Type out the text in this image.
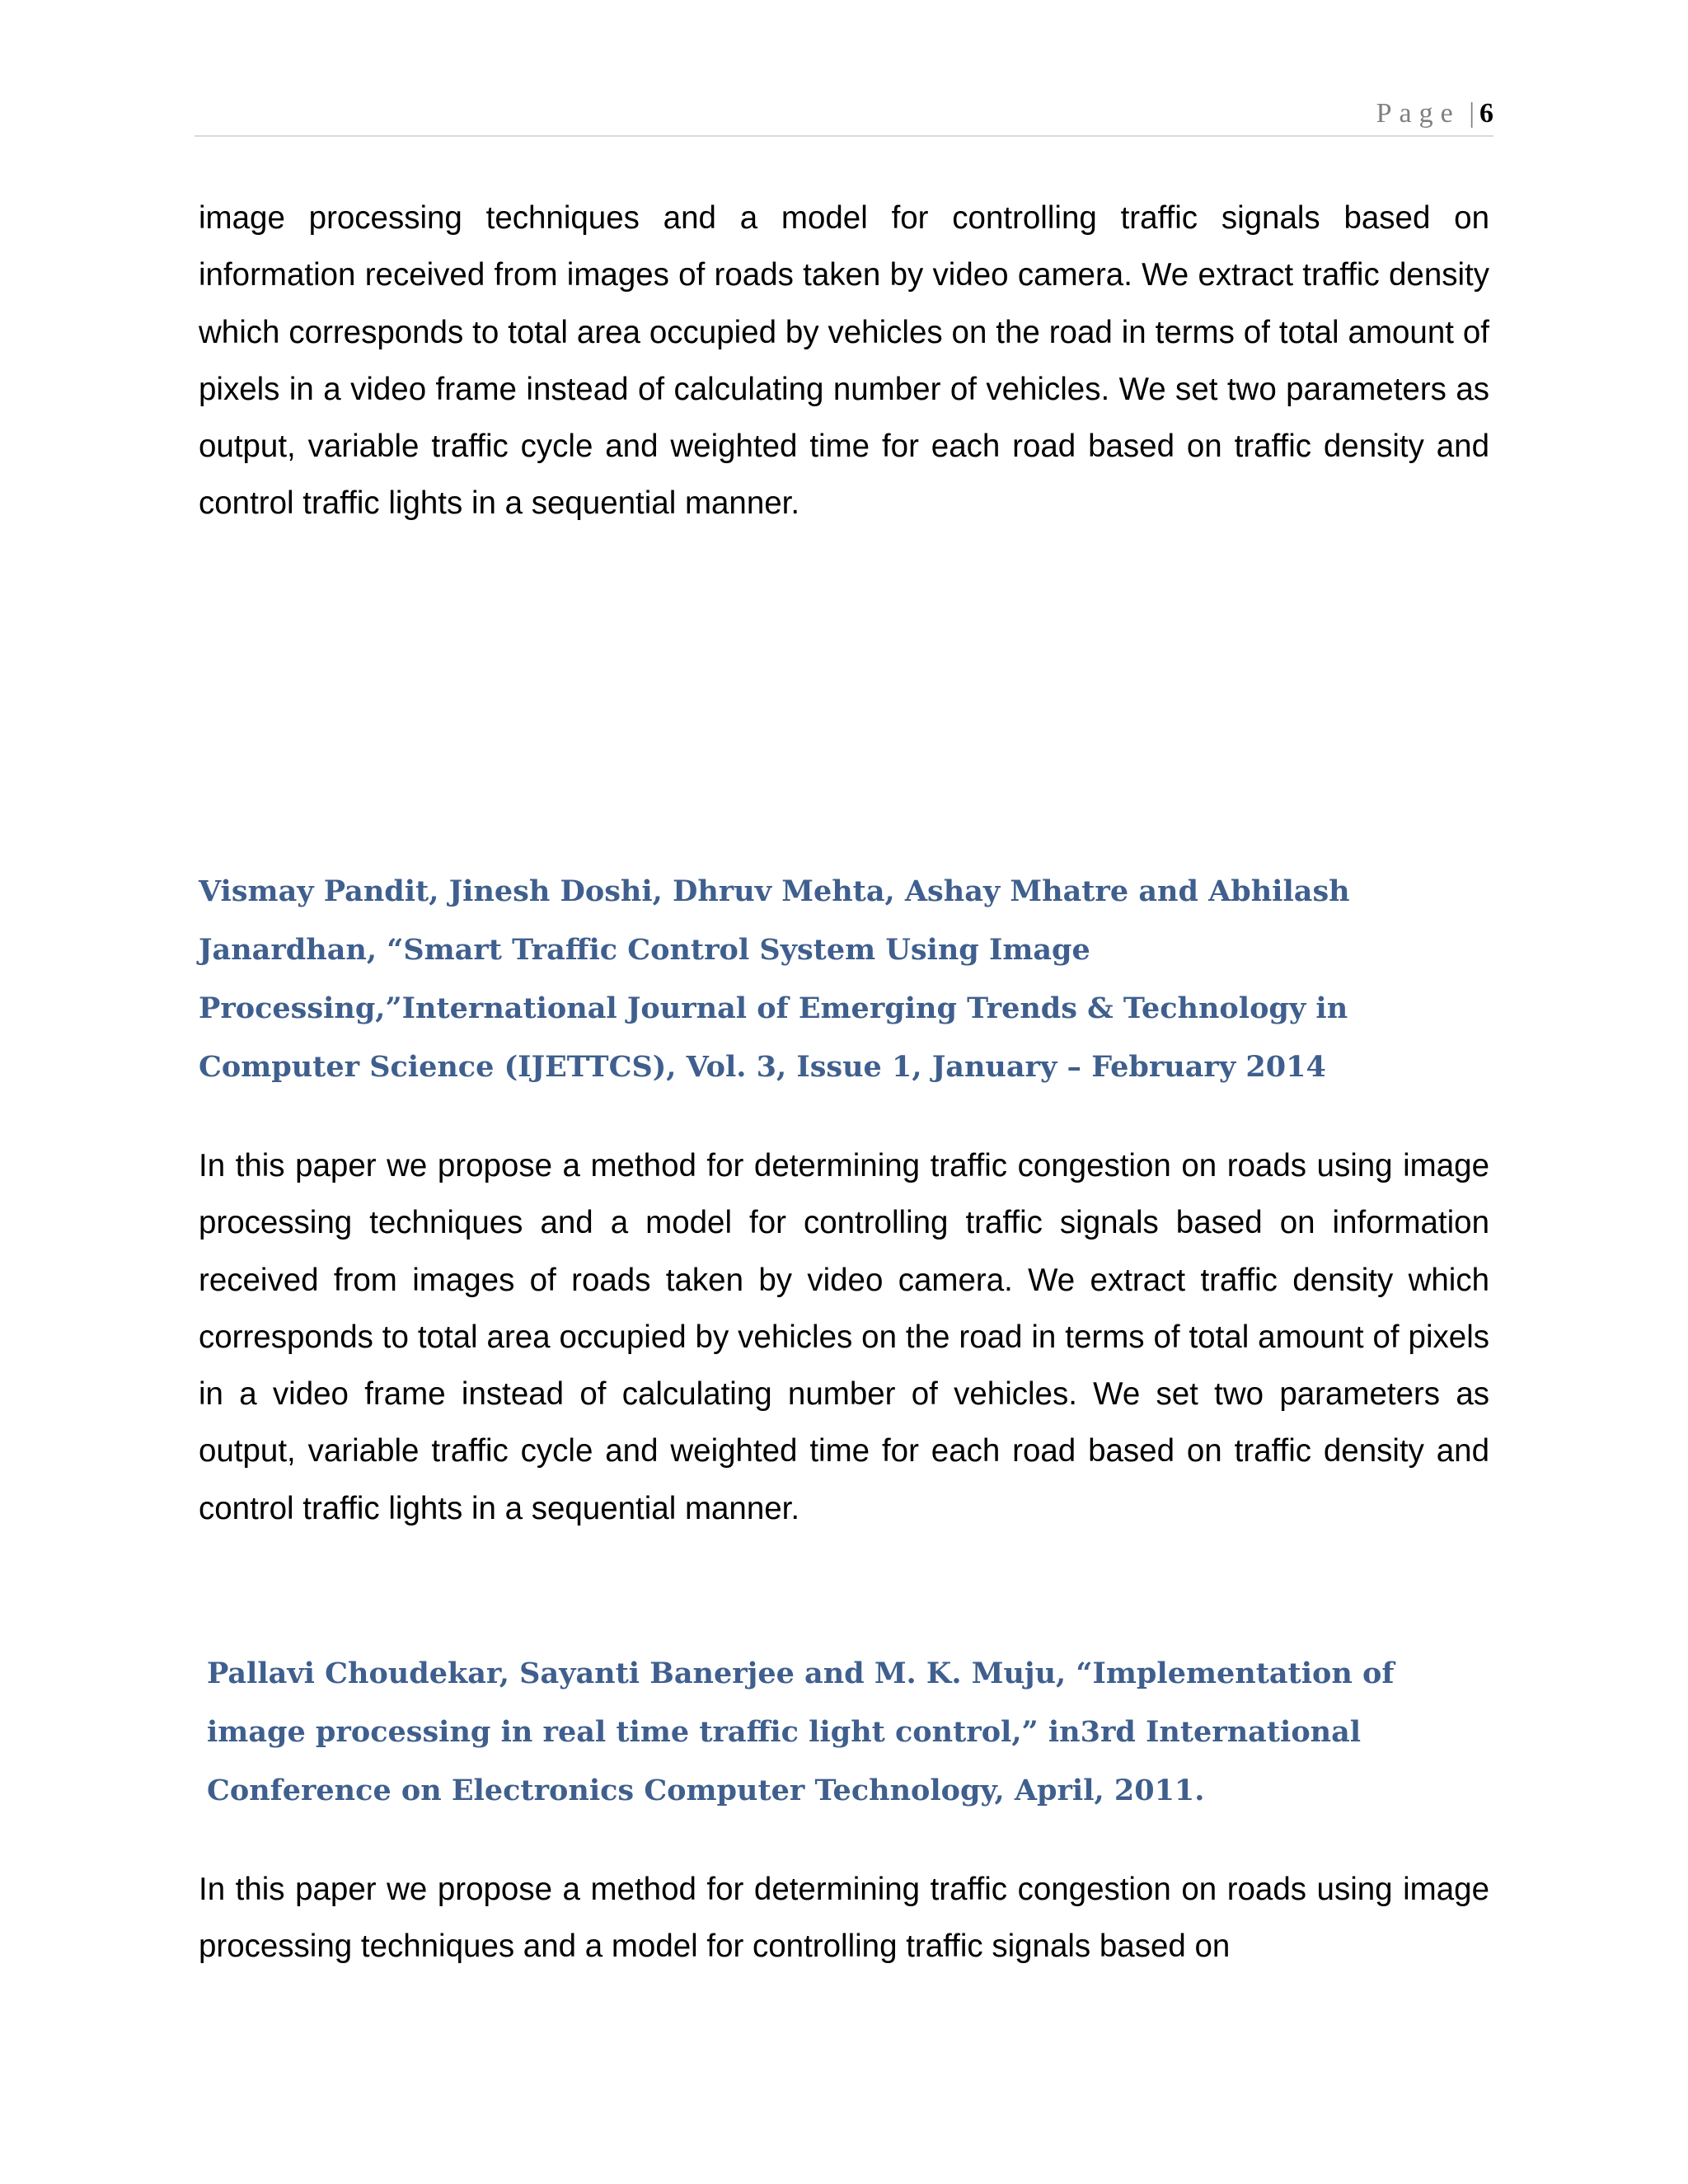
Page | 6

image processing techniques and a model for controlling traffic signals based on information received from images of roads taken by video camera. We extract traffic density which corresponds to total area occupied by vehicles on the road in terms of total amount of pixels in a video frame instead of calculating number of vehicles. We set two parameters as output, variable traffic cycle and weighted time for each road based on traffic density and control traffic lights in a sequential manner.

Vismay Pandit, Jinesh Doshi, Dhruv Mehta, Ashay Mhatre and Abhilash Janardhan, “Smart Traffic Control System Using Image Processing,”International Journal of Emerging Trends & Technology in Computer Science (IJETTCS), Vol. 3, Issue 1, January – February 2014

In this paper we propose a method for determining traffic congestion on roads using image processing techniques and a model for controlling traffic signals based on information received from images of roads taken by video camera. We extract traffic density which corresponds to total area occupied by vehicles on the road in terms of total amount of pixels in a video frame instead of calculating number of vehicles. We set two parameters as output, variable traffic cycle and weighted time for each road based on traffic density and control traffic lights in a sequential manner.

Pallavi Choudekar, Sayanti Banerjee and M. K. Muju, “Implementation of image processing in real time traffic light control,” in3rd International Conference on Electronics Computer Technology, April, 2011.

In this paper we propose a method for determining traffic congestion on roads using image processing techniques and a model for controlling traffic signals based on
